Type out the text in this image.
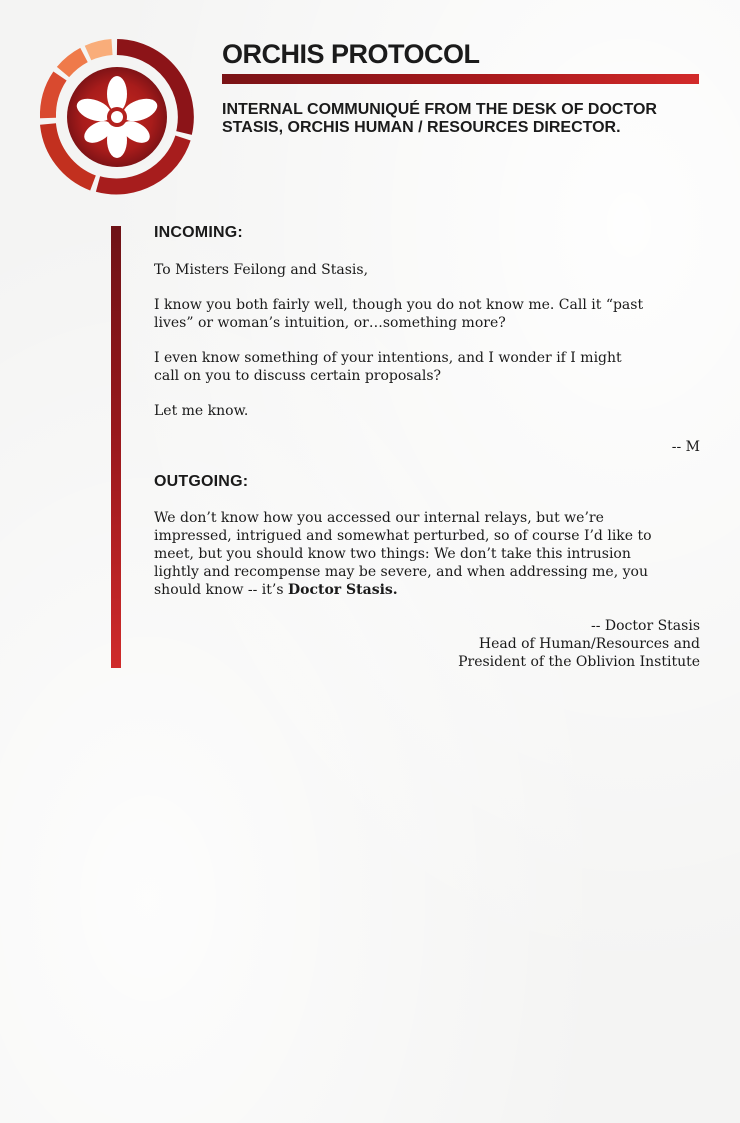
ORCHIS PROTOCOL
INTERNAL COMMUNIQUÉ FROM THE DESK OF DOCTOR
STASIS, ORCHIS HUMAN / RESOURCES DIRECTOR.
INCOMING:

To Misters Feilong and Stasis,

I know you both fairly well, though you do not know me. Call it “past
lives” or woman’s intuition, or…something more?

I even know something of your intentions, and I wonder if I might
call on you to discuss certain proposals?

Let me know.

-- M

OUTGOING:

We don’t know how you accessed our internal relays, but we’re
impressed, intrigued and somewhat perturbed, so of course I’d like to
meet, but you should know two things: We don’t take this intrusion
lightly and recompense may be severe, and when addressing me, you
should know -- it’s Doctor Stasis.

-- Doctor Stasis
Head of Human/Resources and
President of the Oblivion Institute
